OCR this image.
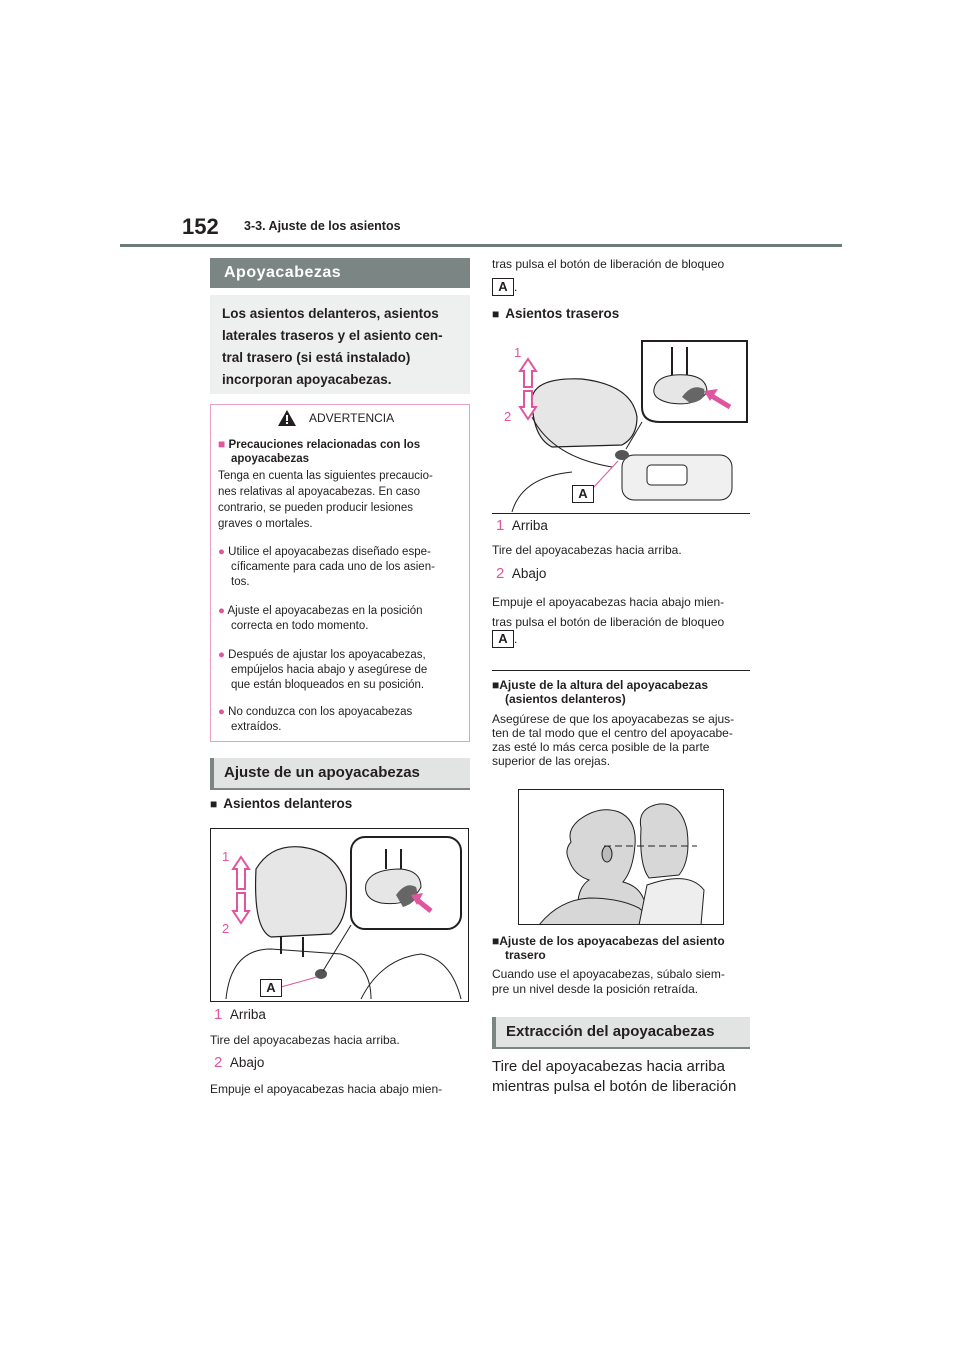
152 3-3. Ajuste de los asientos
Apoyacabezas
Los asientos delanteros, asientos
laterales traseros y el asiento cen-
tral trasero (si está instalado)
incorporan apoyacabezas.
ADVERTENCIA
■ Precauciones relacionadas con los
apoyacabezas
Tenga en cuenta las siguientes precaucio-
nes relativas al apoyacabezas. En caso
contrario, se pueden producir lesiones
graves o mortales.
● Utilice el apoyacabezas diseñado espe-
cíficamente para cada uno de los asien-
tos.
● Ajuste el apoyacabezas en la posición
correcta en todo momento.
● Después de ajustar los apoyacabezas,
empújelos hacia abajo y asegúrese de
que están bloqueados en su posición.
● No conduzca con los apoyacabezas
extraídos.
Ajuste de un apoyacabezas
■ Asientos delanteros
1
2
A
1 Arriba
Tire del apoyacabezas hacia arriba.
2 Abajo
Empuje el apoyacabezas hacia abajo mien-
tras pulsa el botón de liberación de bloqueo
A .
■ Asientos traseros
1
2
A
1 Arriba
Tire del apoyacabezas hacia arriba.
2 Abajo
Empuje el apoyacabezas hacia abajo mien-
tras pulsa el botón de liberación de bloqueo
A .
■Ajuste de la altura del apoyacabezas
(asientos delanteros)
Asegúrese de que los apoyacabezas se ajus-
ten de tal modo que el centro del apoyacabe-
zas esté lo más cerca posible de la parte
superior de las orejas.
■Ajuste de los apoyacabezas del asiento
trasero
Cuando use el apoyacabezas, súbalo siem-
pre un nivel desde la posición retraída.
Extracción del apoyacabezas
Tire del apoyacabezas hacia arriba
mientras pulsa el botón de liberación
